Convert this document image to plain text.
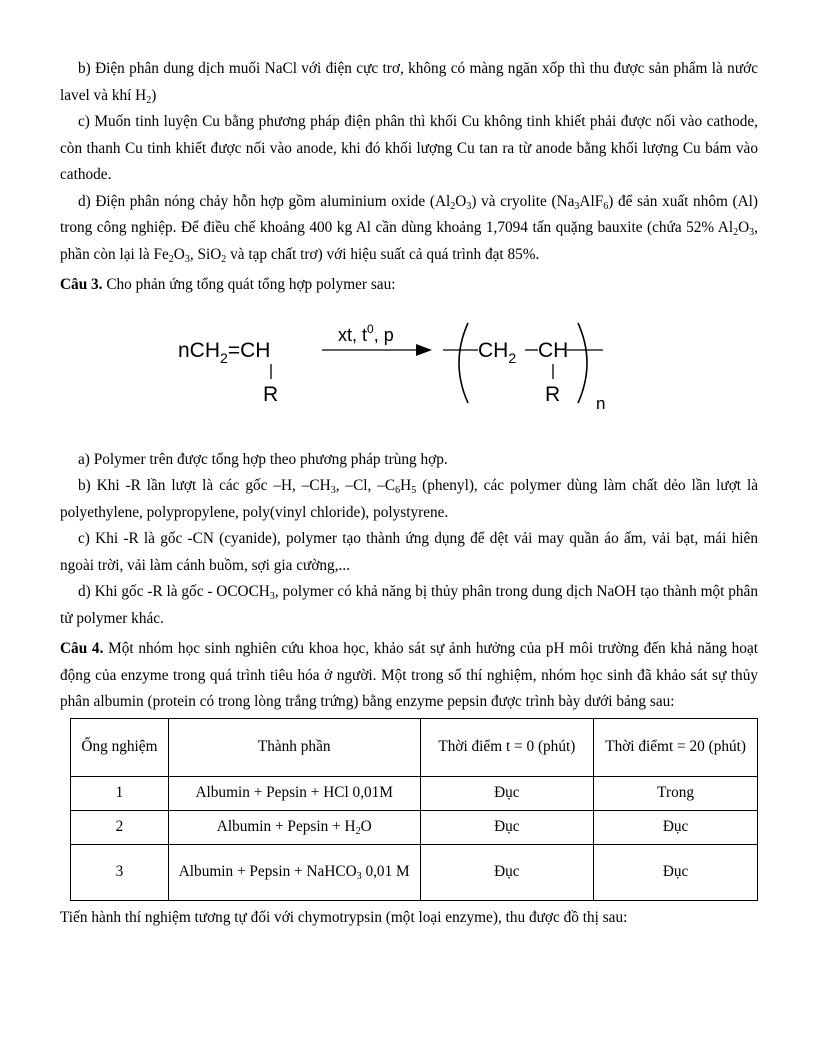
b) Điện phân dung dịch muối NaCl với điện cực trơ, không có màng ngăn xốp thì thu được sản phẩm là nước lavel và khí $H_2$)

c) Muốn tinh luyện Cu bằng phương pháp điện phân thì khối Cu không tinh khiết phải được nối vào cathode, còn thanh Cu tinh khiết được nối vào anode, khi đó khối lượng Cu tan ra từ anode bằng khối lượng Cu bám vào cathode.

d) Điện phân nóng chảy hỗn hợp gồm aluminium oxide $(Al_2O_3)$ và cryolite $(Na_3AlF_6)$ để sản xuất nhôm (Al) trong công nghiệp. Để điều chế khoảng 400 kg Al cần dùng khoảng 1,7094 tấn quặng bauxite (chứa 52% $Al_2O_3$, phần còn lại là $Fe_2O_3$, SiO$_2$ và tạp chất trơ) với hiệu suất cả quá trình đạt 85%.

Câu 3. Cho phản ứng tổng quát tổng hợp polymer sau:

nCH$_2$=CH
R
xt, $t^0$, p
$CH_2$ CH
R n

a) Polymer trên được tổng hợp theo phương pháp trùng hợp.

b) Khi -R lần lượt là các gốc –H, $-CH_3$, –Cl, $-C_6H_5$ (phenyl), các polymer dùng làm chất dẻo lần lượt là polyethylene, polypropylene, poly(vinyl chloride), polystyrene.

c) Khi -R là gốc -CN (cyanide), polymer tạo thành ứng dụng để dệt vải may quần áo ấm, vải bạt, mái hiên ngoài trời, vải làm cánh buồm, sợi gia cường,...

d) Khi gốc -R là gốc - $OCOCH_3$, polymer có khả năng bị thủy phân trong dung dịch NaOH tạo thành một phân tử polymer khác.

Câu 4. Một nhóm học sinh nghiên cứu khoa học, khảo sát sự ảnh hưởng của pH môi trường đến khả năng hoạt động của enzyme trong quá trình tiêu hóa ở người. Một trong số thí nghiệm, nhóm học sinh đã khảo sát sự thủy phân albumin (protein có trong lòng trắng trứng) bằng enzyme pepsin được trình bày dưới bảng sau:

Ống nghiệm	Thành phần	Thời điểm t = 0 (phút)	Thời điểmt = 20 (phút)
1	Albumin + Pepsin + HCl 0,01M	Đục	Trong
2	Albumin + $Pepsin + H_2O$	Đục	Đục
3	Albumin + Pepsin + NaHCO$_3$ 0,01 M	Đục	Đục

Tiến hành thí nghiệm tương tự đối với chymotrypsin (một loại enzyme), thu được đồ thị sau:
